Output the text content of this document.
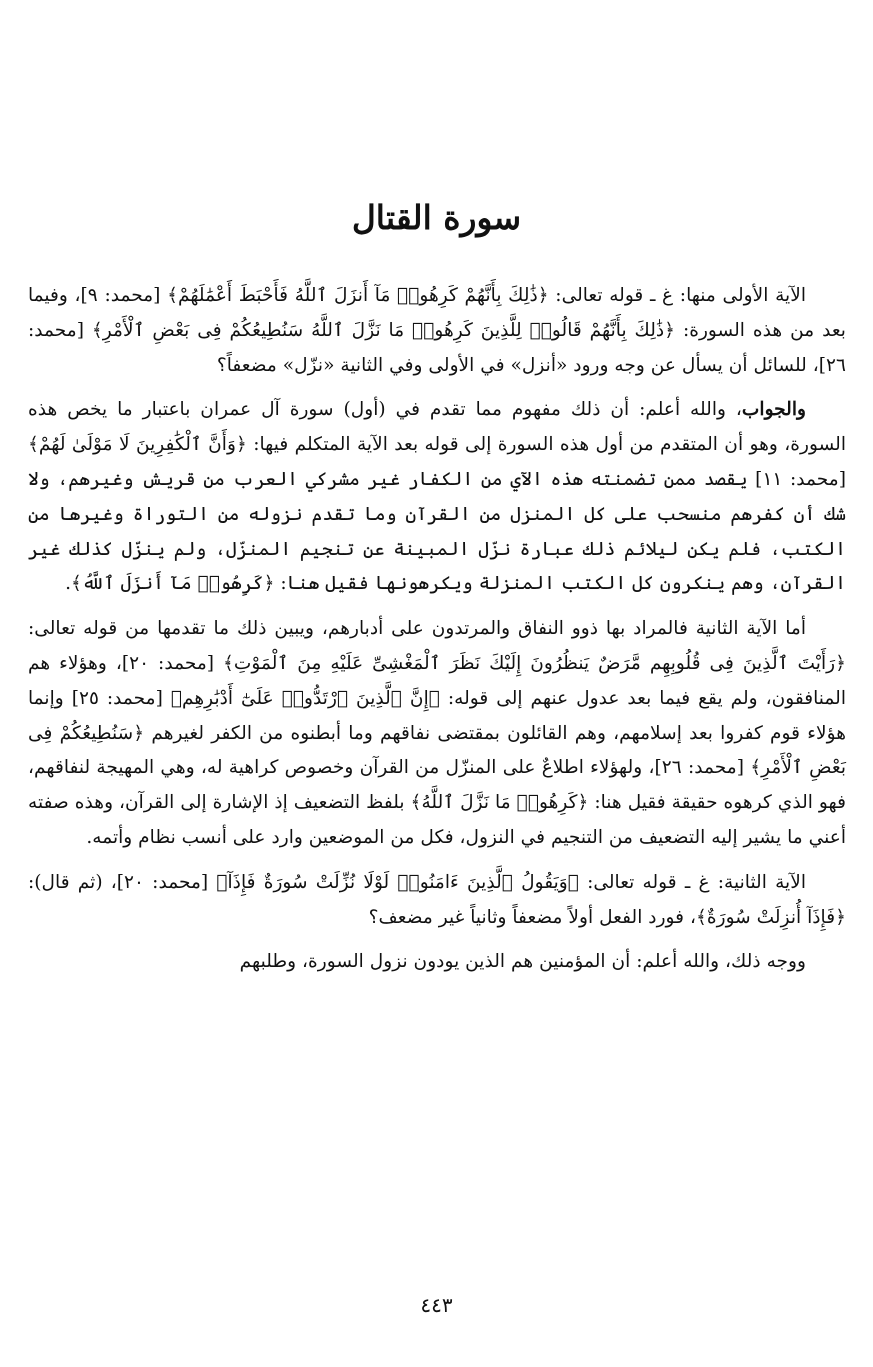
سورة القتال

الآية الأولى منها: غ ـ قوله تعالى: ﴿ذَٰلِكَ بِأَنَّهُمْ كَرِهُوا۟ مَآ أَنزَلَ ٱللَّهُ فَأَحْبَطَ أَعْمَٰلَهُمْ﴾ [محمد: ٩]، وفيما بعد من هذه السورة: ﴿ذَٰلِكَ بِأَنَّهُمْ قَالُوا۟ لِلَّذِينَ كَرِهُوا۟ مَا نَزَّلَ ٱللَّهُ سَنُطِيعُكُمْ فِى بَعْضِ ٱلْأَمْرِ﴾ [محمد: ٢٦]، للسائل أن يسأل عن وجه ورود «أنزل» في الأولى وفي الثانية «نزّل» مضعفاً؟

والجواب، والله أعلم: أن ذلك مفهوم مما تقدم في (أول) سورة آل عمران باعتبار ما يخص هذه السورة، وهو أن المتقدم من أول هذه السورة إلى قوله بعد الآية المتكلم فيها: ﴿وَأَنَّ ٱلْكَٰفِرِينَ لَا مَوْلَىٰ لَهُمْ﴾ [محمد: ١١] يقصد ممن تضمنته هذه الآي من الكفار غير مشركي العرب من قريش وغيرهم، ولا شك أن كفرهم منسحب على كل المنزل من القرآن وما تقدم نزوله من التوراة وغيرها من الكتب، فلم يكن ليلائم ذلك عبارة نزّل المبينة عن تنجيم المنزّل، ولم ينزّل كذلك غير القرآن، وهم ينكرون كل الكتب المنزلة ويكرهونها فقيل هنا: ﴿كَرِهُوا۟ مَآ أَنزَلَ ٱللَّهُ﴾.

أما الآية الثانية فالمراد بها ذوو النفاق والمرتدون على أدبارهم، ويبين ذلك ما تقدمها من قوله تعالى: ﴿رَأَيْتَ ٱلَّذِينَ فِى قُلُوبِهِم مَّرَضٌ يَنظُرُونَ إِلَيْكَ نَظَرَ ٱلْمَغْشِىِّ عَلَيْهِ مِنَ ٱلْمَوْتِ﴾ [محمد: ٢٠]، وهؤلاء هم المنافقون، ولم يقع فيما بعد عدول عنهم إلى قوله: ﴿إِنَّ ٱلَّذِينَ ٱرْتَدُّوا۟ عَلَىٰٓ أَدْبَٰرِهِم﴾ [محمد: ٢٥] وإنما هؤلاء قوم كفروا بعد إسلامهم، وهم القائلون بمقتضى نفاقهم وما أبطنوه من الكفر لغيرهم ﴿سَنُطِيعُكُمْ فِى بَعْضِ ٱلْأَمْرِ﴾ [محمد: ٢٦]، ولهؤلاء اطلاعٌ على المنزّل من القرآن وخصوص كراهية له، وهي المهيجة لنفاقهم، فهو الذي كرهوه حقيقة فقيل هنا: ﴿كَرِهُوا۟ مَا نَزَّلَ ٱللَّهُ﴾ بلفظ التضعيف إذ الإشارة إلى القرآن، وهذه صفته أعني ما يشير إليه التضعيف من التنجيم في النزول، فكل من الموضعين وارد على أنسب نظام وأتمه.

الآية الثانية: غ ـ قوله تعالى: ﴿وَيَقُولُ ٱلَّذِينَ ءَامَنُوا۟ لَوْلَا نُزِّلَتْ سُورَةٌ فَإِذَآ﴾ [محمد: ٢٠]، (ثم قال): ﴿فَإِذَآ أُنزِلَتْ سُورَةٌ﴾، فورد الفعل أولاً مضعفاً وثانياً غير مضعف؟

ووجه ذلك، والله أعلم: أن المؤمنين هم الذين يودون نزول السورة، وطلبهم

٤٤٣
